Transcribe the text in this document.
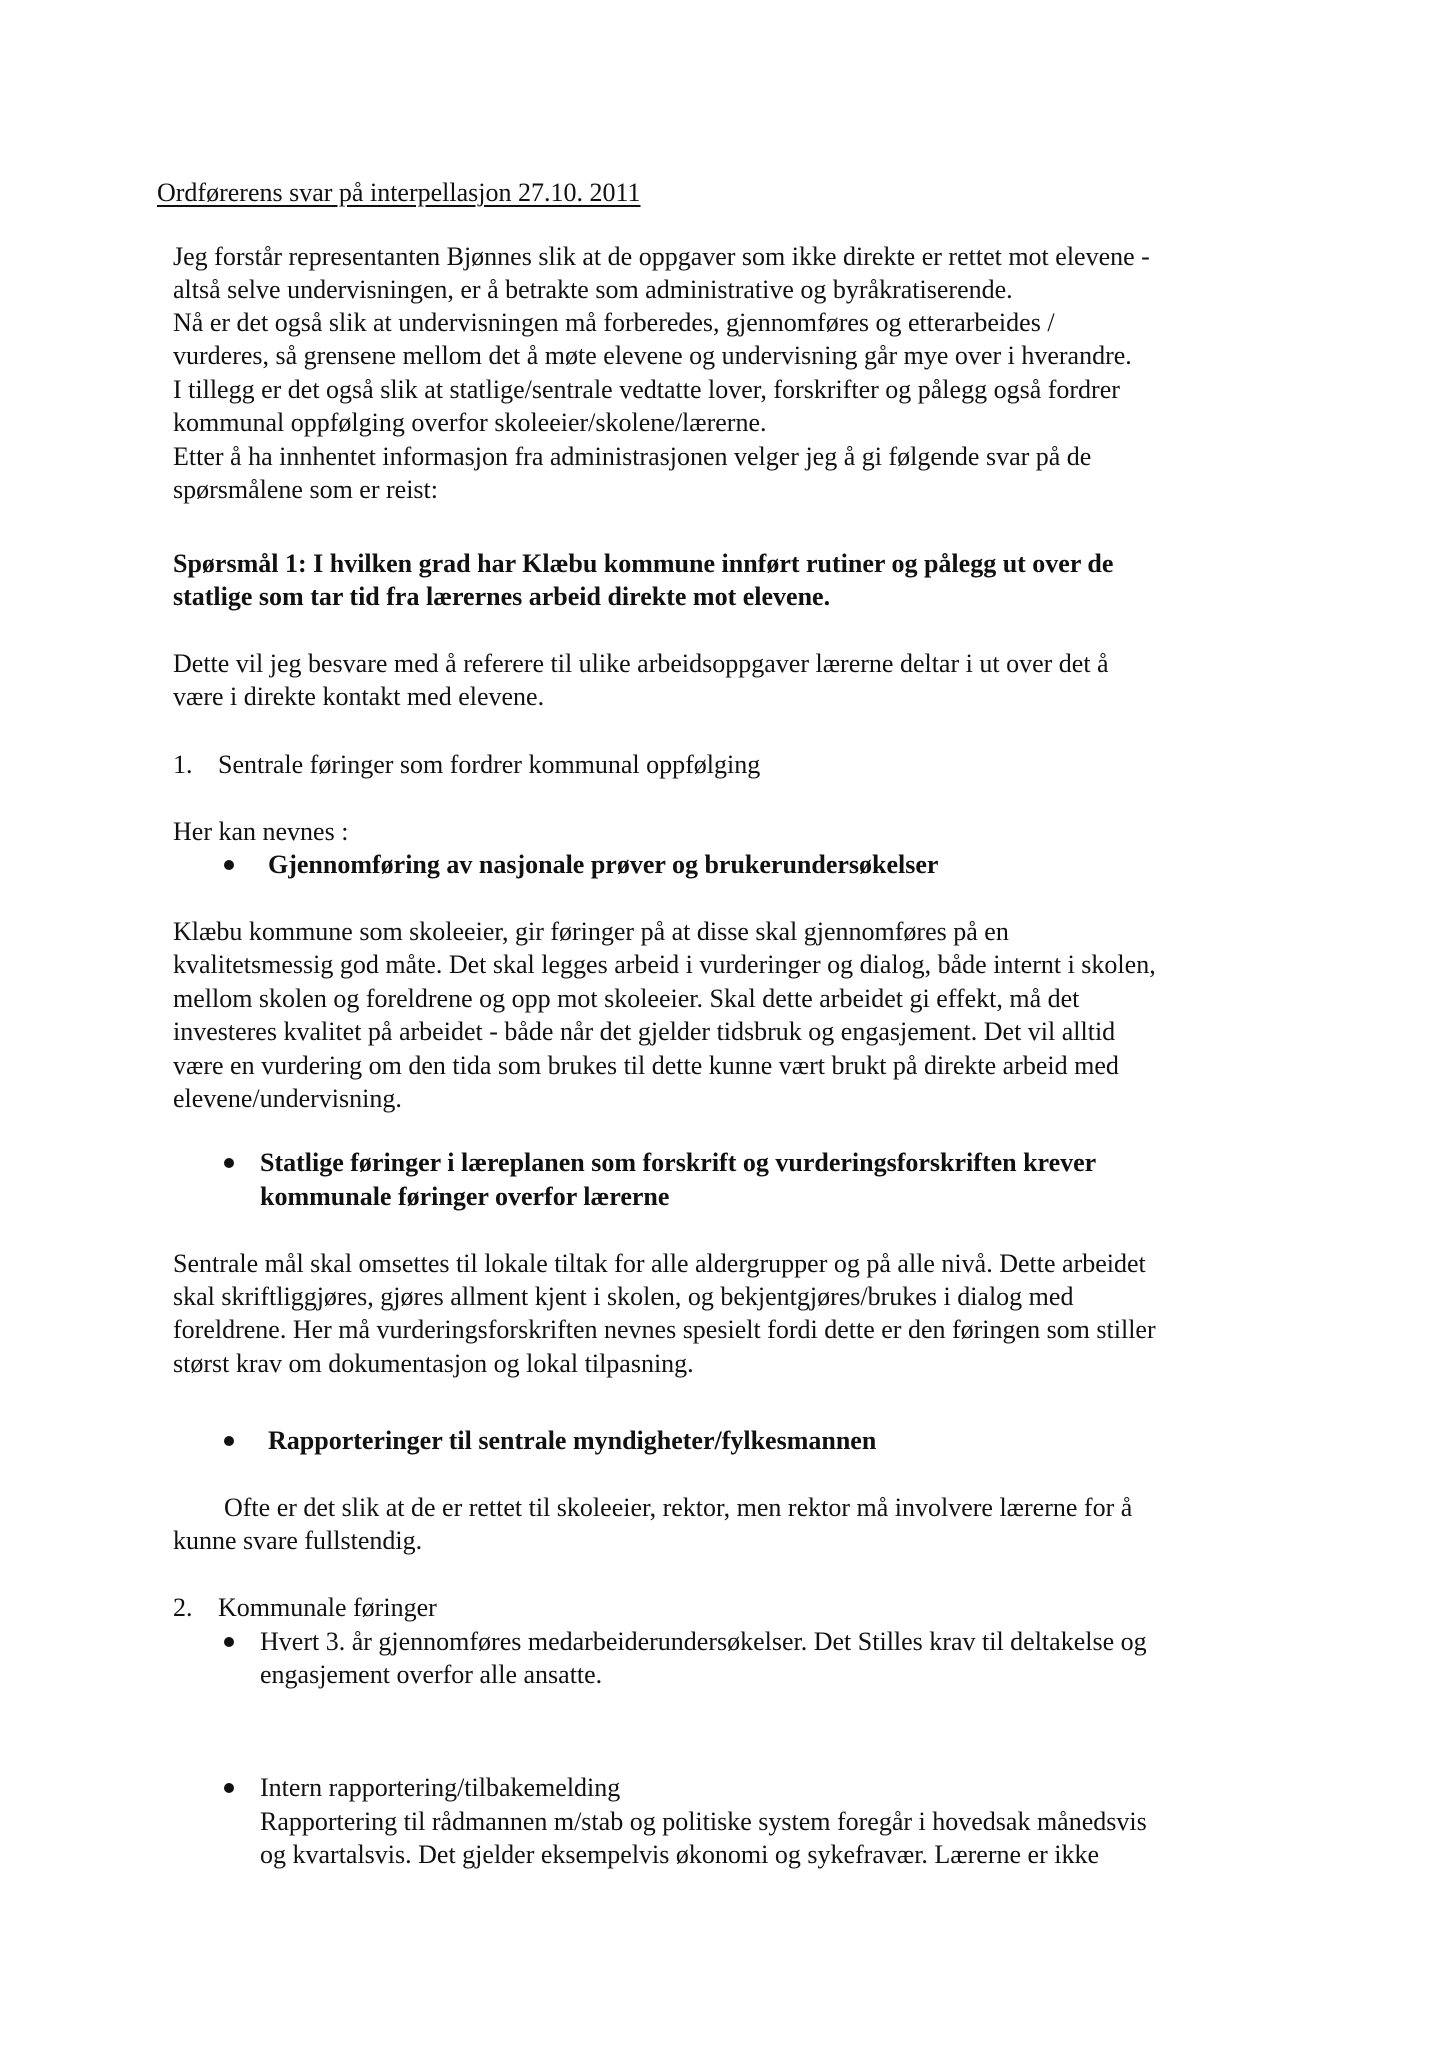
Ordførerens svar på interpellasjon 27.10. 2011
Jeg forstår representanten Bjønnes slik at de oppgaver som ikke direkte er rettet mot elevene -
altså selve undervisningen, er å betrakte som administrative og byråkratiserende.
Nå er det også slik at undervisningen må forberedes, gjennomføres og etterarbeides /
vurderes, så grensene mellom det å møte elevene og undervisning går mye over i hverandre.
I tillegg er det også slik at statlige/sentrale vedtatte lover, forskrifter og pålegg også fordrer
kommunal oppfølging overfor skoleeier/skolene/lærerne.
Etter å ha innhentet informasjon fra administrasjonen velger jeg å gi følgende svar på de
spørsmålene som er reist:
Spørsmål 1: I hvilken grad har Klæbu kommune innført rutiner og pålegg ut over de
statlige som tar tid fra lærernes arbeid direkte mot elevene.
Dette vil jeg besvare med å referere til ulike arbeidsoppgaver lærerne deltar i ut over det å
være i direkte kontakt med elevene.
1. Sentrale føringer som fordrer kommunal oppfølging
Her kan nevnes :
Gjennomføring av nasjonale prøver og brukerundersøkelser
Klæbu kommune som skoleeier, gir føringer på at disse skal gjennomføres på en
kvalitetsmessig god måte. Det skal legges arbeid i vurderinger og dialog, både internt i skolen,
mellom skolen og foreldrene og opp mot skoleeier. Skal dette arbeidet gi effekt, må det
investeres kvalitet på arbeidet - både når det gjelder tidsbruk og engasjement. Det vil alltid
være en vurdering om den tida som brukes til dette kunne vært brukt på direkte arbeid med
elevene/undervisning.
Statlige føringer i læreplanen som forskrift og vurderingsforskriften krever
kommunale føringer overfor lærerne
Sentrale mål skal omsettes til lokale tiltak for alle aldergrupper og på alle nivå. Dette arbeidet
skal skriftliggjøres, gjøres allment kjent i skolen, og bekjentgjøres/brukes i dialog med
foreldrene. Her må vurderingsforskriften nevnes spesielt fordi dette er den føringen som stiller
størst krav om dokumentasjon og lokal tilpasning.
Rapporteringer til sentrale myndigheter/fylkesmannen
Ofte er det slik at de er rettet til skoleeier, rektor, men rektor må involvere lærerne for å
kunne svare fullstendig.
2. Kommunale føringer
Hvert 3. år gjennomføres medarbeiderundersøkelser. Det Stilles krav til deltakelse og
engasjement overfor alle ansatte.
Intern rapportering/tilbakemelding
Rapportering til rådmannen m/stab og politiske system foregår i hovedsak månedsvis
og kvartalsvis. Det gjelder eksempelvis økonomi og sykefravær. Lærerne er ikke
